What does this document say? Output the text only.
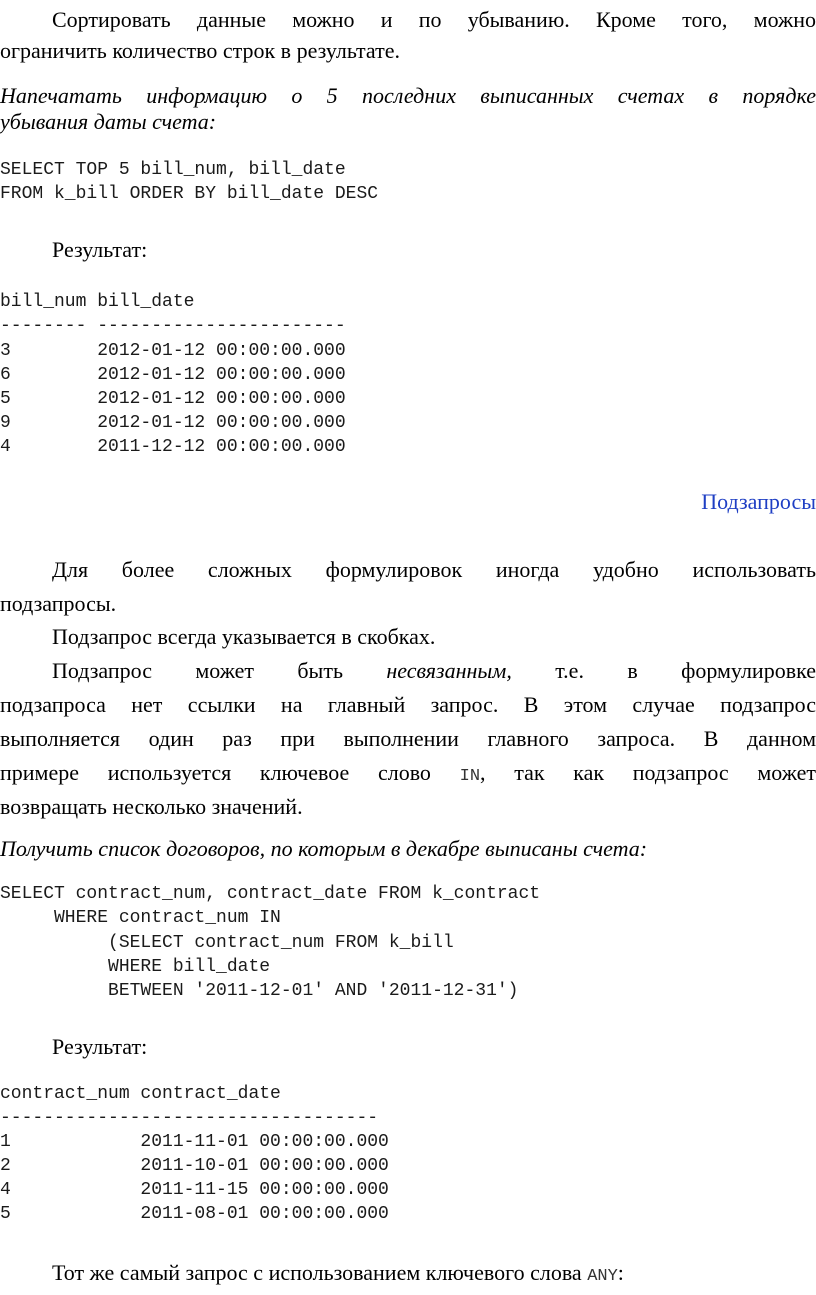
Сортировать данные можно и по убыванию. Кроме того, можно
ограничить количество строк в результате.
Напечатать информацию о 5 последних выписанных счетах в порядке
убывания даты счета:
SELECT TOP 5 bill_num, bill_date
FROM k_bill ORDER BY bill_date DESC
Результат:
bill_num bill_date
-------- -----------------------
3        2012-01-12 00:00:00.000
6        2012-01-12 00:00:00.000
5        2012-01-12 00:00:00.000
9        2012-01-12 00:00:00.000
4        2011-12-12 00:00:00.000
Подзапросы
Для более сложных формулировок иногда удобно использовать
подзапросы.
Подзапрос всегда указывается в скобках.
Подзапрос может быть несвязанным, т.е. в формулировке
подзапроса нет ссылки на главный запрос. В этом случае подзапрос
выполняется один раз при выполнении главного запроса. В данном
примере используется ключевое слово IN, так как подзапрос может
возвращать несколько значений.
Получить список договоров, по которым в декабре выписаны счета:
SELECT contract_num, contract_date FROM k_contract
WHERE contract_num IN
(SELECT contract_num FROM k_bill
WHERE bill_date
BETWEEN '2011-12-01' AND '2011-12-31')
Результат:
contract_num contract_date
-----------------------------------
1            2011-11-01 00:00:00.000
2            2011-10-01 00:00:00.000
4            2011-11-15 00:00:00.000
5            2011-08-01 00:00:00.000
Тот же самый запрос с использованием ключевого слова ANY:
